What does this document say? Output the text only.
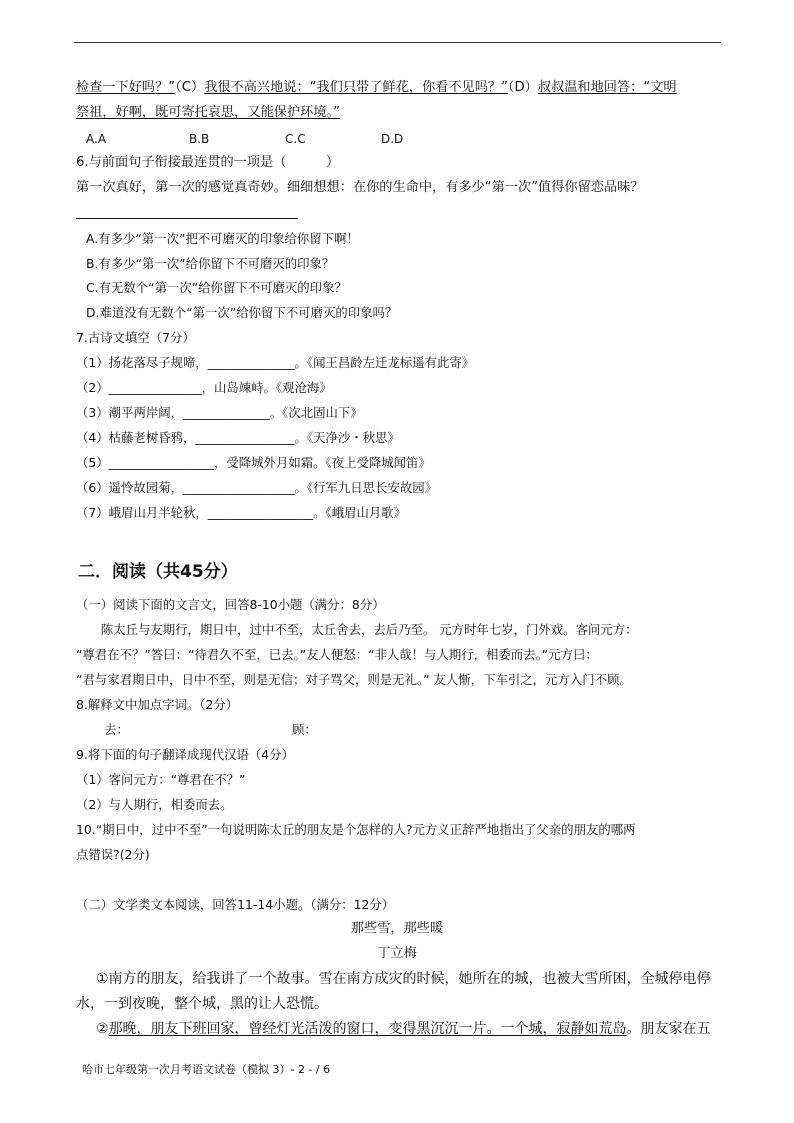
检查一下好吗？”（C）我很不高兴地说：“我们只带了鲜花，你看不见吗？”（D）叔叔温和地回答：“文明
祭祖，好啊，既可寄托哀思，又能保护环境。”
A.A	B.B	C.C	D.D
6.与前面句子衔接最连贯的一项是（　　　）
第一次真好，第一次的感觉真奇妙。细细想想：在你的生命中，有多少“第一次”值得你留恋品味？
A.有多少“第一次”把不可磨灭的印象给你留下啊！
B.有多少“第一次”给你留下不可磨灭的印象？
C.有无数个“第一次”给你留下不可磨灭的印象？
D.难道没有无数个“第一次”给你留下不可磨灭的印象吗？
7.古诗文填空（7分）
（1）扬花落尽子规啼，______________。《闻王昌龄左迁龙标遥有此寄》
（2）_______________，山岛竦峙。《观沧海》
（3）潮平两岸阔，______________。《次北固山下》
（4）枯藤老树昏鸦，________________。《天净沙・秋思》
（5）_________________，受降城外月如霜。《夜上受降城闻笛》
（6）遥怜故园菊，__________________。《行军九日思长安故园》
（7）峨眉山月半轮秋，_________________。《峨眉山月歌》
二．阅读（共45分）
（一）阅读下面的文言文，回答8-10小题（满分：8分）
　　陈太丘与友期行，期日中，过中不至，太丘舍去，去后乃至。 元方时年七岁，门外戏。客问元方：
“尊君在不？”答曰：“待君久不至，已去。”友人便怒：“非人哉！与人期行，相委而去。”元方曰：
“君与家君期日中，日中不至，则是无信；对子骂父，则是无礼。” 友人惭，下车引之，元方入门不顾。
8.解释文中加点字词。（2分）
去：	顾：
9.将下面的句子翻译成现代汉语（4分）
（1）客问元方：“尊君在不？”
（2）与人期行，相委而去。
10.“期日中，过中不至”一句说明陈太丘的朋友是个怎样的人?元方义正辞严地指出了父亲的朋友的哪两
点错误?(2分)
（二）文学类文本阅读，回答11-14小题。（满分：12分）
那些雪，那些暖
丁立梅
①南方的朋友，给我讲了一个故事。雪在南方成灾的时候，她所在的城，也被大雪所困，全城停电停
水，一到夜晚，整个城，黑的让人恐慌。
②那晚，朋友下班回家，曾经灯光活泼的窗口，变得黑沉沉一片。一个城，寂静如荒岛。朋友家在五
哈市七年级第一次月考语文试卷（模拟 3）- 2 - / 6
